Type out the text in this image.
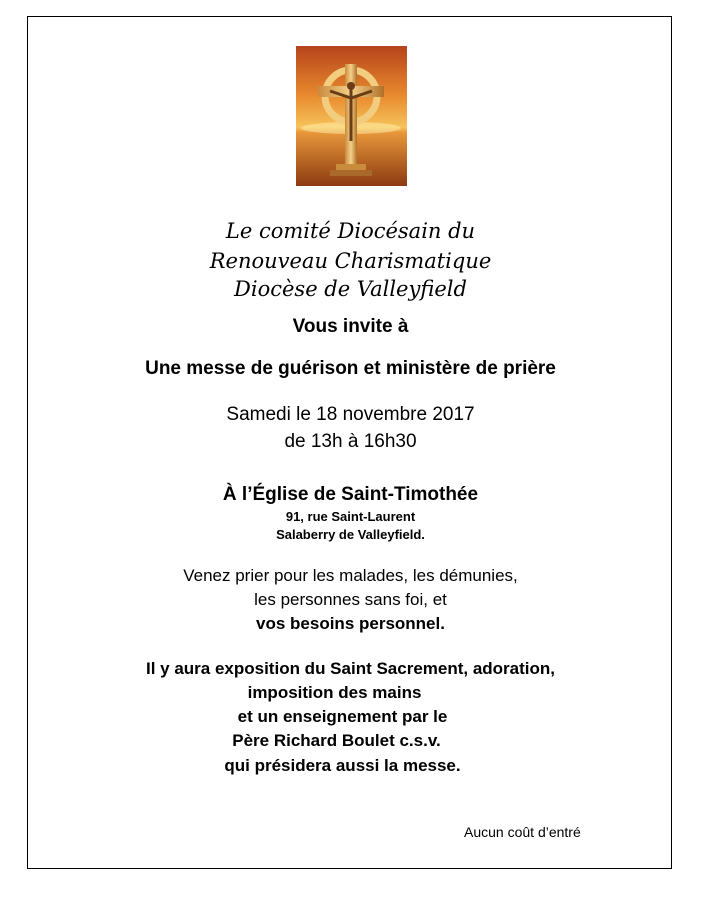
Le comité Diocésain du
Renouveau Charismatique
Diocèse de Valleyfield
Vous invite à
Une messe de guérison et ministère de prière
Samedi le 18 novembre 2017
de 13h à 16h30
À l’Église de Saint-Timothée
91, rue Saint-Laurent
Salaberry de Valleyfield.
Venez prier pour les malades, les démunies,
les personnes sans foi, et
vos besoins personnel.
Il y aura exposition du Saint Sacrement, adoration,
imposition des mains
et un enseignement par le
Père Richard Boulet c.s.v.
qui présidera aussi la messe.
Aucun coût d’entré
